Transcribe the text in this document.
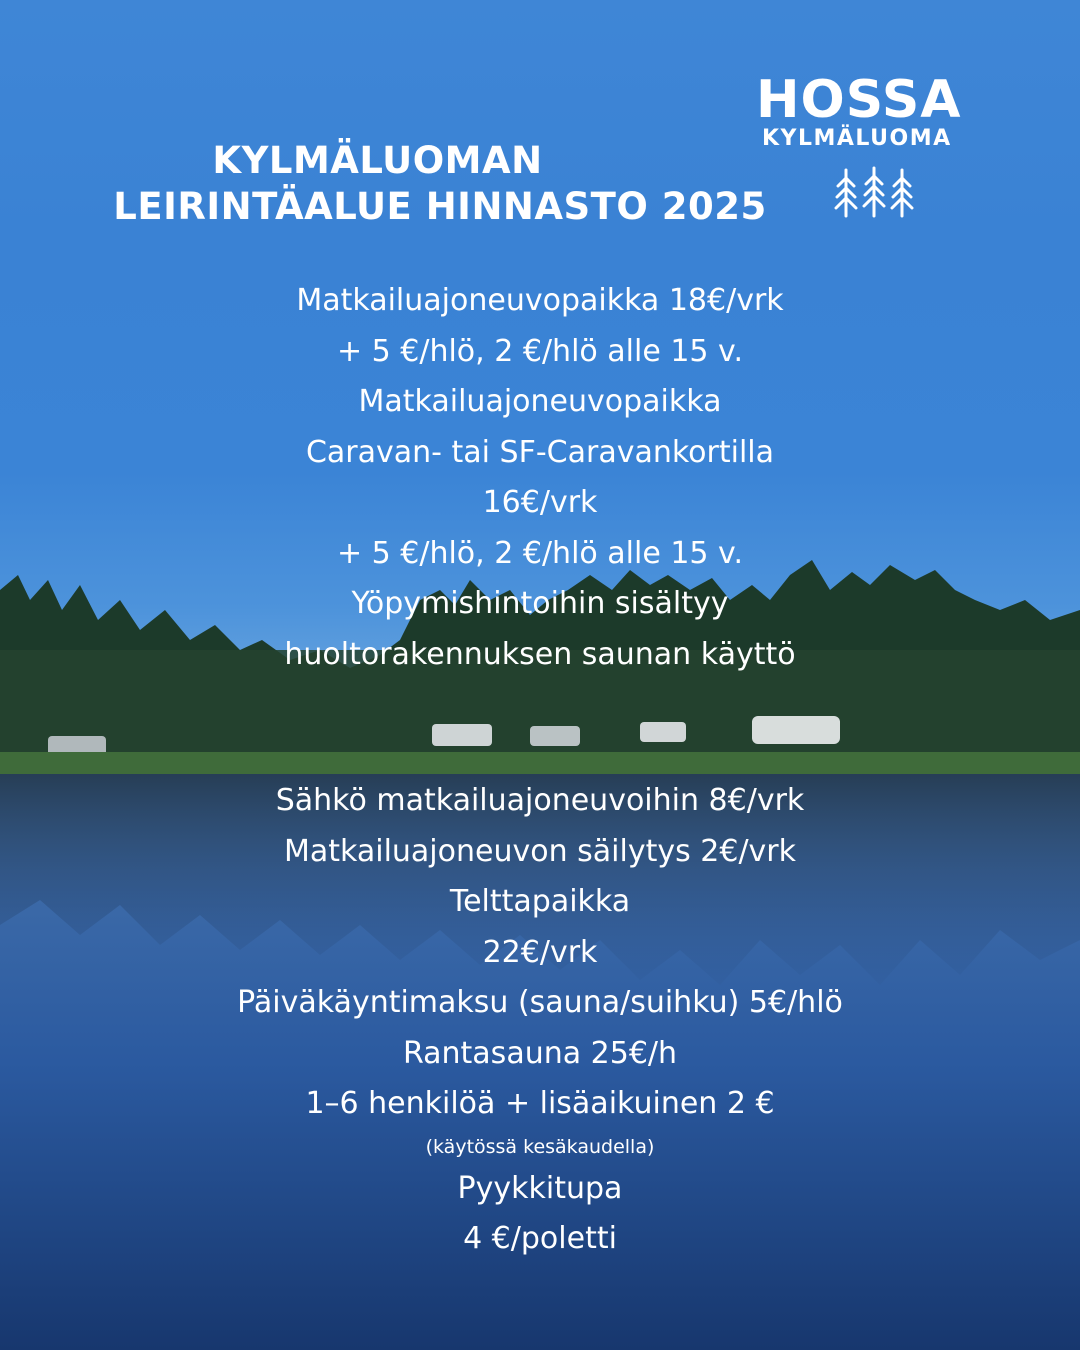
KYLMÄLUOMAN
LEIRINTÄALUE HINNASTO 2025
HOSSA
KYLMÄLUOMA
Matkailuajoneuvopaikka 18€/vrk
+ 5 €/hlö, 2 €/hlö alle 15 v.
Matkailuajoneuvopaikka
Caravan- tai SF-Caravankortilla
16€/vrk
+ 5 €/hlö, 2 €/hlö alle 15 v.
Yöpymishintoihin sisältyy
huoltorakennuksen saunan käyttö
Sähkö matkailuajoneuvoihin 8€/vrk
Matkailuajoneuvon säilytys 2€/vrk
Telttapaikka
22€/vrk
Päiväkäyntimaksu (sauna/suihku) 5€/hlö
Rantasauna 25€/h
1–6 henkilöä + lisäaikuinen 2 €
(käytössä kesäkaudella)
Pyykkitupa
4 €/poletti
